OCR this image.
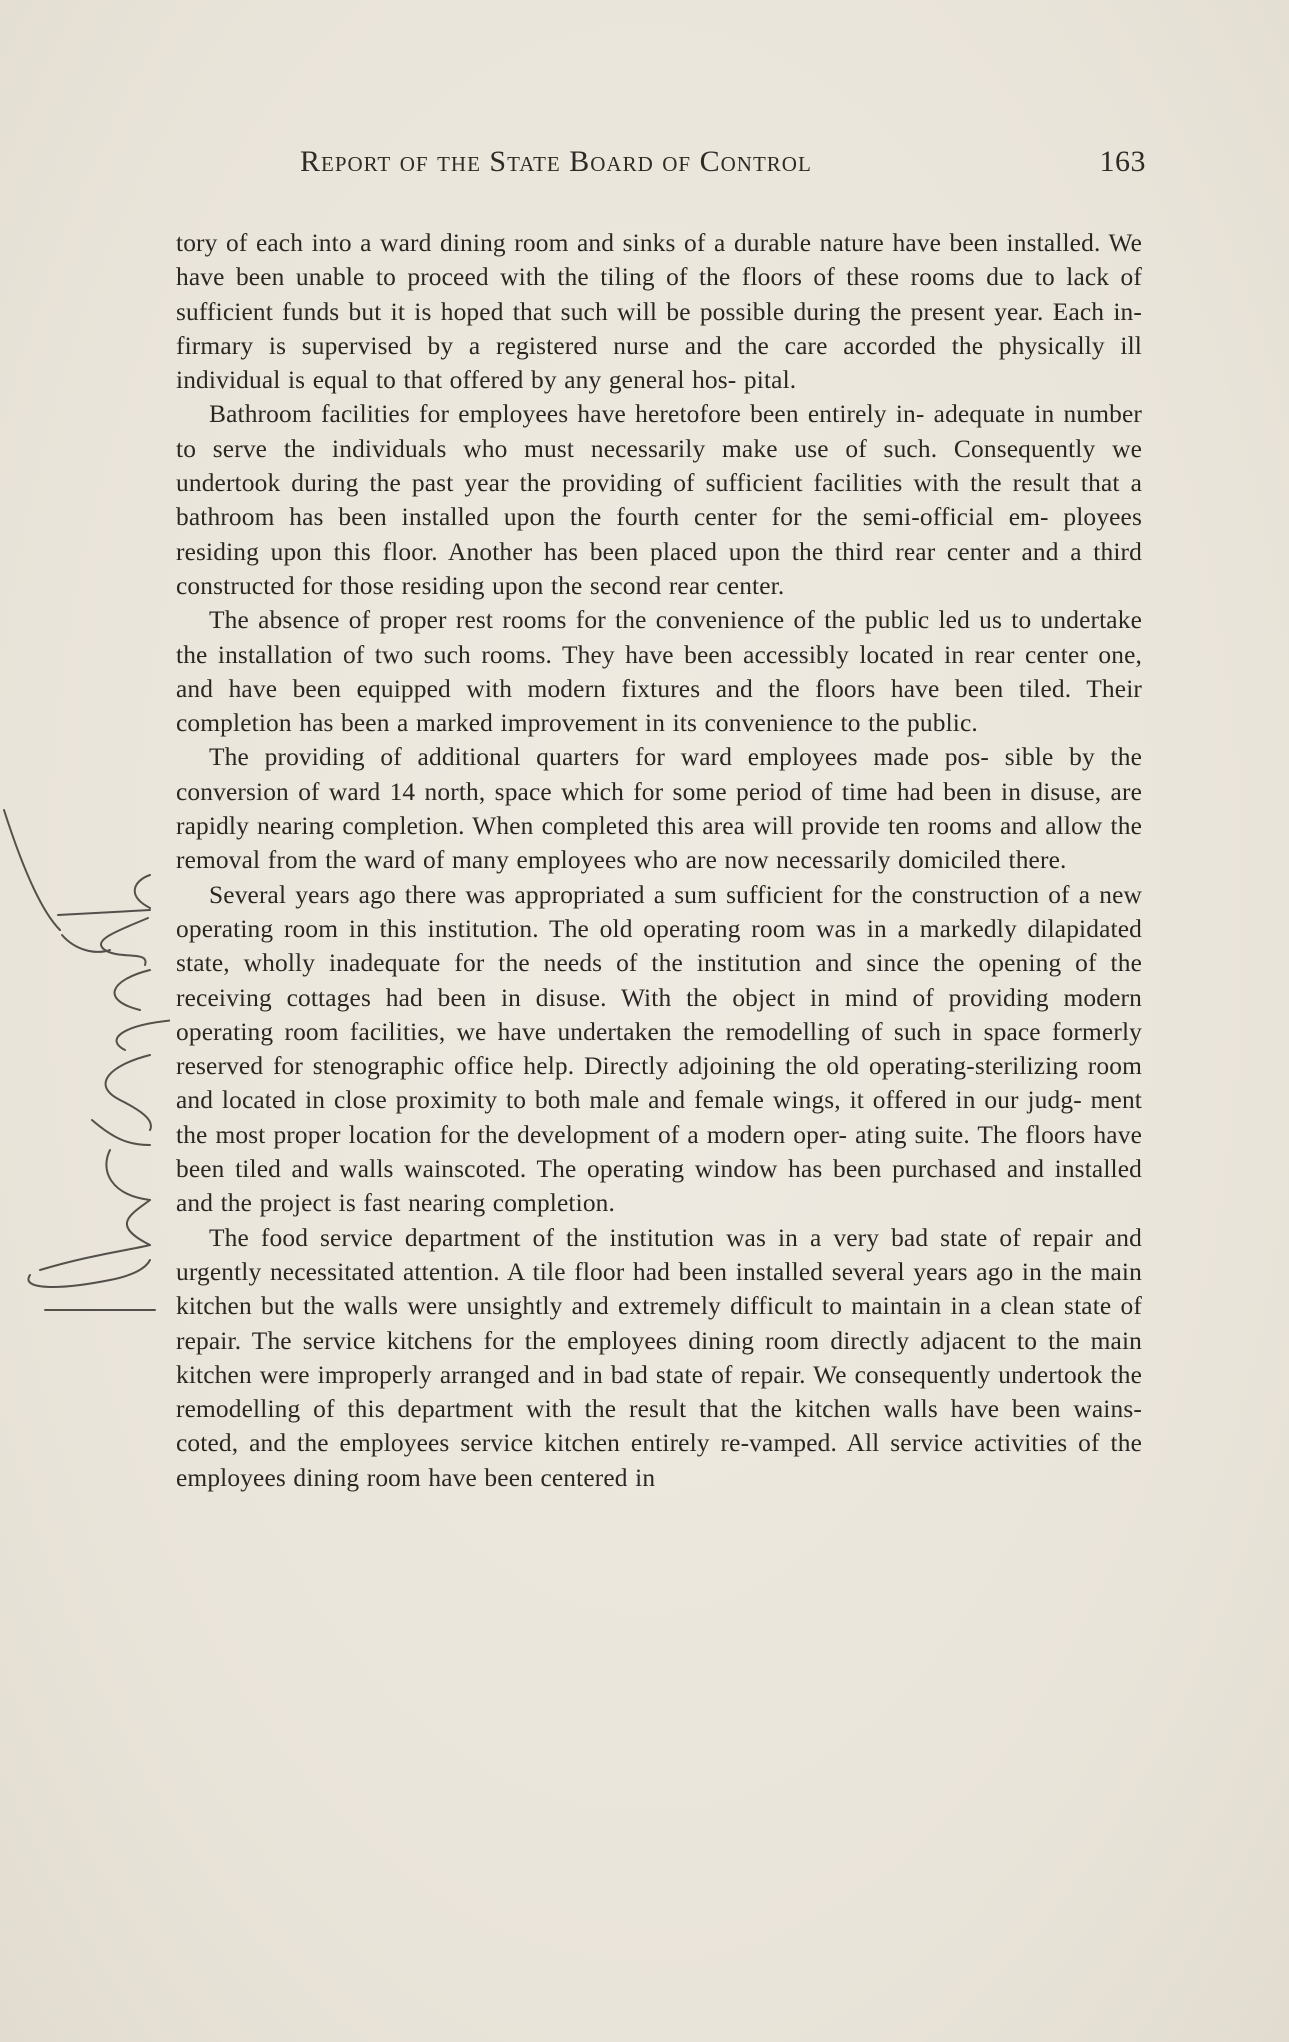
Report of the State Board of Control	163

tory of each into a ward dining room and sinks of a durable nature have been installed. We have been unable to proceed with the tiling of the floors of these rooms due to lack of sufficient funds but it is hoped that such will be possible during the present year. Each in- firmary is supervised by a registered nurse and the care accorded the physically ill individual is equal to that offered by any general hos- pital.

Bathroom facilities for employees have heretofore been entirely in- adequate in number to serve the individuals who must necessarily make use of such. Consequently we undertook during the past year the providing of sufficient facilities with the result that a bathroom has been installed upon the fourth center for the semi-official em- ployees residing upon this floor. Another has been placed upon the third rear center and a third constructed for those residing upon the second rear center.

The absence of proper rest rooms for the convenience of the public led us to undertake the installation of two such rooms. They have been accessibly located in rear center one, and have been equipped with modern fixtures and the floors have been tiled. Their completion has been a marked improvement in its convenience to the public.

The providing of additional quarters for ward employees made pos- sible by the conversion of ward 14 north, space which for some period of time had been in disuse, are rapidly nearing completion. When completed this area will provide ten rooms and allow the removal from the ward of many employees who are now necessarily domiciled there.

Several years ago there was appropriated a sum sufficient for the construction of a new operating room in this institution. The old operating room was in a markedly dilapidated state, wholly inadequate for the needs of the institution and since the opening of the receiving cottages had been in disuse. With the object in mind of providing modern operating room facilities, we have undertaken the remodelling of such in space formerly reserved for stenographic office help. Directly adjoining the old operating-sterilizing room and located in close proximity to both male and female wings, it offered in our judg- ment the most proper location for the development of a modern oper- ating suite. The floors have been tiled and walls wainscoted. The operating window has been purchased and installed and the project is fast nearing completion.

The food service department of the institution was in a very bad state of repair and urgently necessitated attention. A tile floor had been installed several years ago in the main kitchen but the walls were unsightly and extremely difficult to maintain in a clean state of repair. The service kitchens for the employees dining room directly adjacent to the main kitchen were improperly arranged and in bad state of repair. We consequently undertook the remodelling of this department with the result that the kitchen walls have been wains- coted, and the employees service kitchen entirely re-vamped. All service activities of the employees dining room have been centered in
